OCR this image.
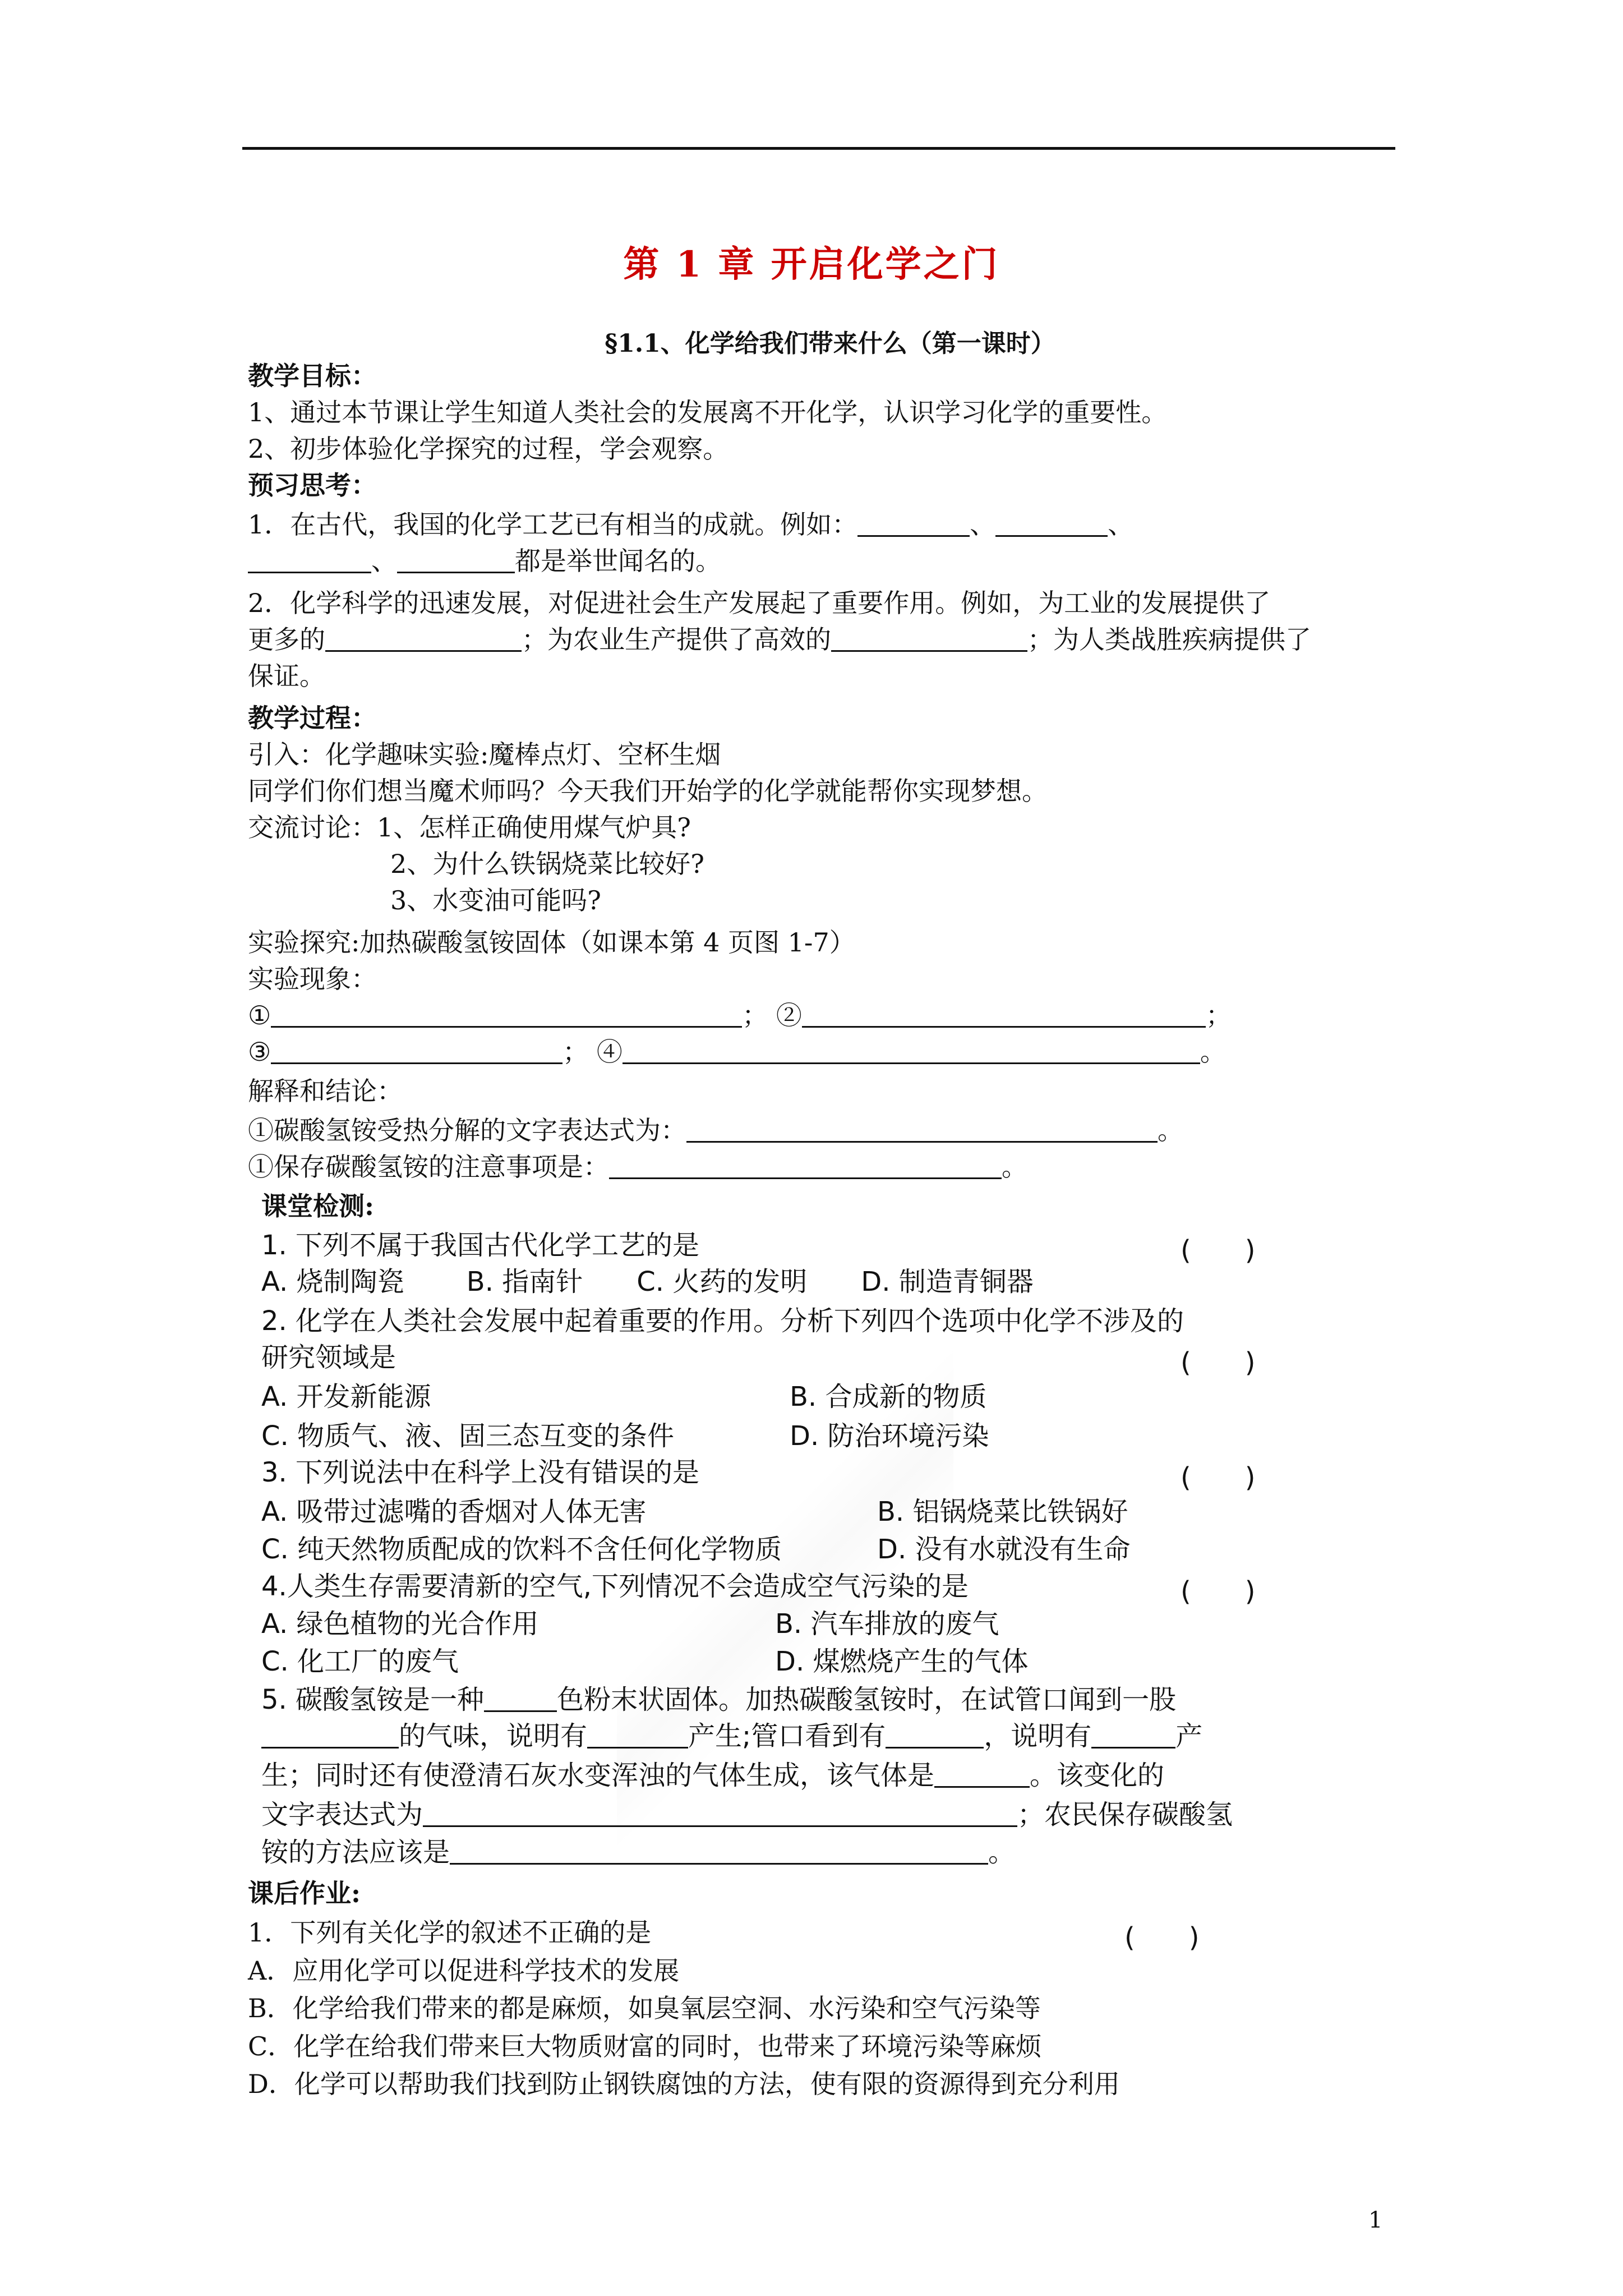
第 1 章 开启化学之门
§1.1、化学给我们带来什么（第一课时）
教学目标：
1、通过本节课让学生知道人类社会的发展离不开化学，认识学习化学的重要性。
2、初步体验化学探究的过程，学会观察。
预习思考：
1．在古代，我国的化学工艺已有相当的成就。例如：	、	、
、	都是举世闻名的。
2．化学科学的迅速发展，对促进社会生产发展起了重要作用。例如，为工业的发展提供了
更多的	；为农业生产提供了高效的	；为人类战胜疾病提供了
保证。
教学过程：
引入：化学趣味实验:魔棒点灯、空杯生烟
同学们你们想当魔术师吗？今天我们开始学的化学就能帮你实现梦想。
交流讨论：1、怎样正确使用煤气炉具?
2、为什么铁锅烧菜比较好?
3、水变油可能吗?
实验探究:加热碳酸氢铵固体（如课本第 4 页图 1-7）
实验现象：
①	； ②	；
③	； ④	。
解释和结论：
①碳酸氢铵受热分解的文字表达式为：	。
①保存碳酸氢铵的注意事项是：	。
课堂检测:
1. 下列不属于我国古代化学工艺的是	(　　)
A. 烧制陶瓷　　 B. 指南针　　C. 火药的发明　　D. 制造青铜器
2. 化学在人类社会发展中起着重要的作用。分析下列四个选项中化学不涉及的
研究领域是	(　　)
A. 开发新能源	B. 合成新的物质
C. 物质气、液、固三态互变的条件	D. 防治环境污染
3. 下列说法中在科学上没有错误的是	(　　)
A. 吸带过滤嘴的香烟对人体无害	B. 铝锅烧菜比铁锅好
C. 纯天然物质配成的饮料不含任何化学物质	D. 没有水就没有生命
4.人类生存需要清新的空气,下列情况不会造成空气污染的是	(　　)
A. 绿色植物的光合作用	B. 汽车排放的废气
C. 化工厂的废气	D. 煤燃烧产生的气体
5. 碳酸氢铵是一种	色粉末状固体。加热碳酸氢铵时，在试管口闻到一股
的气味，说明有	产生;管口看到有	，说明有	产
生；同时还有使澄清石灰水变浑浊的气体生成，该气体是	。该变化的
文字表达式为	；农民保存碳酸氢
铵的方法应该是	。
课后作业:
1．下列有关化学的叙述不正确的是	(　　)
A．应用化学可以促进科学技术的发展
B．化学给我们带来的都是麻烦，如臭氧层空洞、水污染和空气污染等
C．化学在给我们带来巨大物质财富的同时，也带来了环境污染等麻烦
D．化学可以帮助我们找到防止钢铁腐蚀的方法，使有限的资源得到充分利用
1
